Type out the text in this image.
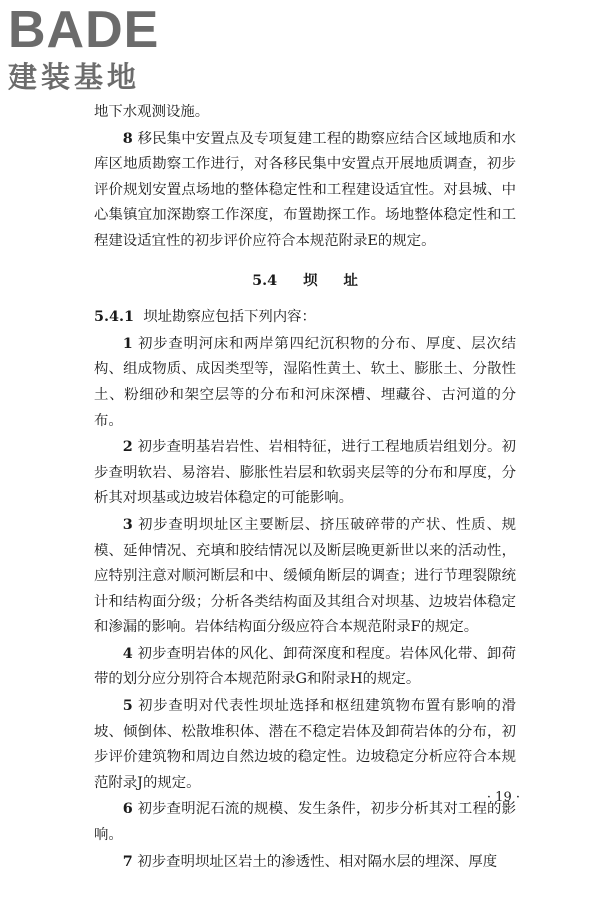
BADE
建装基地

地下水观测设施。

8 移民集中安置点及专项复建工程的勘察应结合区域地质和水库区地质勘察工作进行，对各移民集中安置点开展地质调查，初步评价规划安置点场地的整体稳定性和工程建设适宜性。对县城、中心集镇宜加深勘察工作深度，布置勘探工作。场地整体稳定性和工程建设适宜性的初步评价应符合本规范附录E的规定。

5.4 坝 址

5.4.1 坝址勘察应包括下列内容：

1 初步查明河床和两岸第四纪沉积物的分布、厚度、层次结构、组成物质、成因类型等，湿陷性黄土、软土、膨胀土、分散性土、粉细砂和架空层等的分布和河床深槽、埋藏谷、古河道的分布。

2 初步查明基岩岩性、岩相特征，进行工程地质岩组划分。初步查明软岩、易溶岩、膨胀性岩层和软弱夹层等的分布和厚度，分析其对坝基或边坡岩体稳定的可能影响。

3 初步查明坝址区主要断层、挤压破碎带的产状、性质、规模、延伸情况、充填和胶结情况以及断层晚更新世以来的活动性，应特别注意对顺河断层和中、缓倾角断层的调查；进行节理裂隙统计和结构面分级；分析各类结构面及其组合对坝基、边坡岩体稳定和渗漏的影响。岩体结构面分级应符合本规范附录F的规定。

4 初步查明岩体的风化、卸荷深度和程度。岩体风化带、卸荷带的划分应分别符合本规范附录G和附录H的规定。

5 初步查明对代表性坝址选择和枢纽建筑物布置有影响的滑坡、倾倒体、松散堆积体、潜在不稳定岩体及卸荷岩体的分布，初步评价建筑物和周边自然边坡的稳定性。边坡稳定分析应符合本规范附录J的规定。

6 初步查明泥石流的规模、发生条件，初步分析其对工程的影响。

7 初步查明坝址区岩土的渗透性、相对隔水层的埋深、厚度

· 19 ·
